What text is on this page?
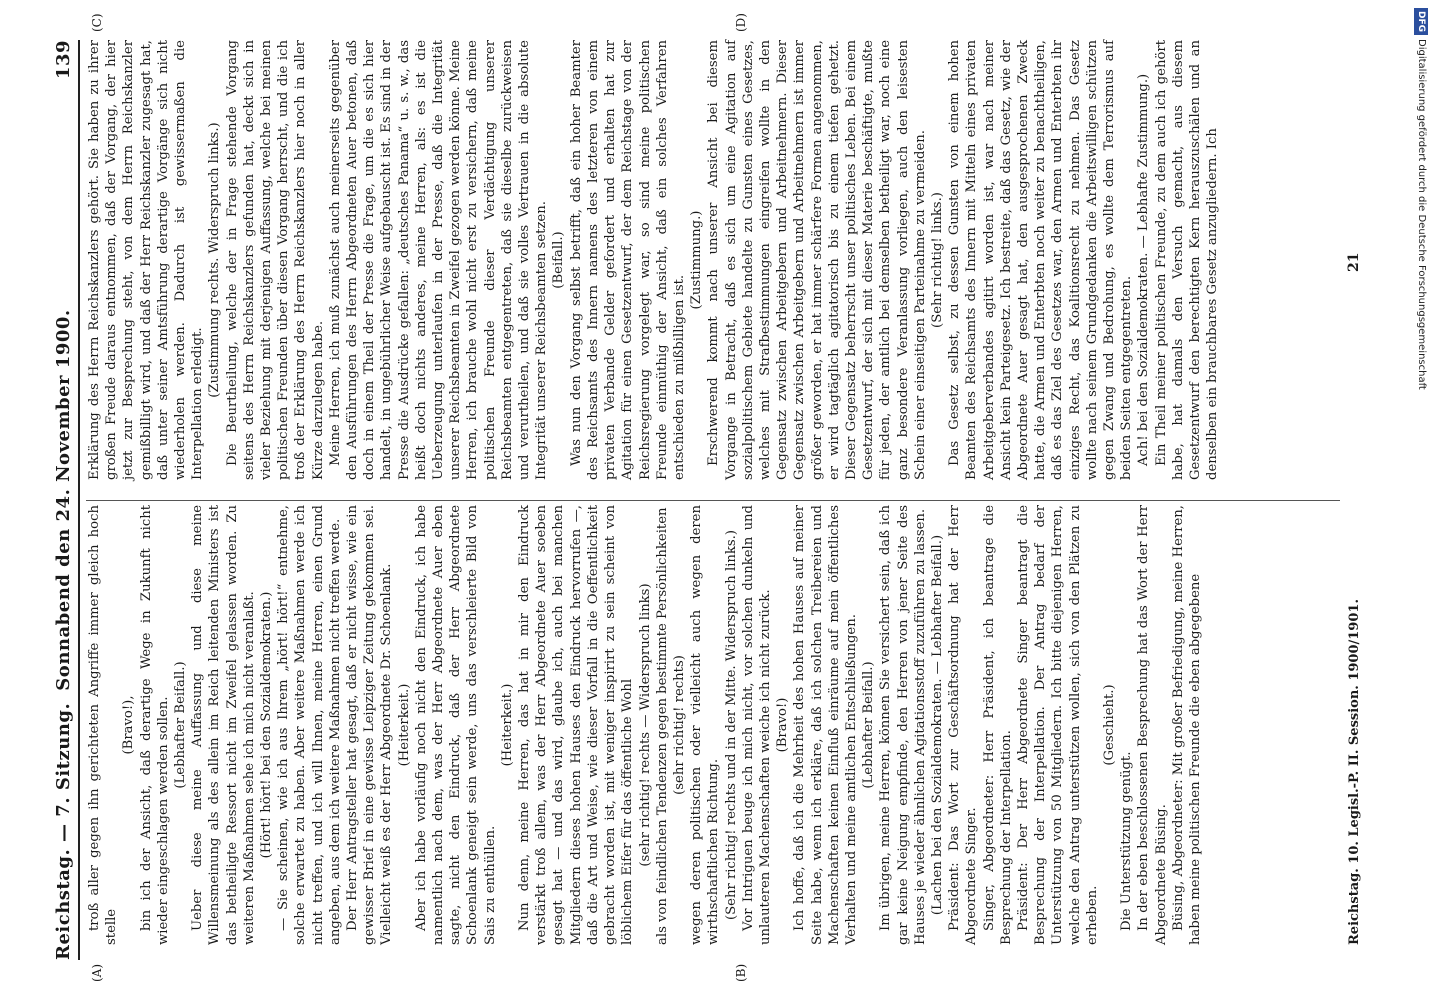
Reichstag. — 7. Sitzung.
Sonnabend den 24. November 1900.
139
(A)	(B)
(C)	(D)

troß aller gegen ihn gerichteten Angriffe immer gleich hoch stelle

(Bravo!), bin ich der Ansicht, daß derartige Wege in Zukunft nicht wieder eingeschlagen werden sollen. (Lebhafter Beifall.) Ueber diese meine Auffassung und diese meine Willensmeinung als des allein im Reich leitenden Ministers ist das betheiligte Ressort nicht im Zweifel gelassen worden. Zu weiteren Maßnahmen sehe ich mich nicht veranlaßt. (Hört! hört! bei den Sozialdemokraten.) — Sie scheinen, wie ich aus Ihrem „hört! hört!“ entnehme, solche erwartet zu haben. Aber weitere Maßnahmen werde ich nicht treffen, und ich will Ihnen, meine Herren, einen Grund angeben, aus dem ich weitere Maßnahmen nicht treffen werde. Der Herr Antragsteller hat gesagt, daß er nicht wisse, wie ein gewisser Brief in eine gewisse Leipziger Zeitung gekommen sei. Vielleicht weiß es der Herr Abgeordnete Dr. Schoenlank. (Heiterkeit.) Aber ich habe vorläufig noch nicht den Eindruck, ich habe namentlich nach dem, was der Herr Abgeordnete Auer eben sagte, nicht den Eindruck, daß der Herr Abgeordnete Schoenlank geneigt sein werde, uns das verschleierte Bild von Sais zu enthüllen.

(Heiterkeit.) Nun denn, meine Herren, das hat in mir den Eindruck verstärkt troß allem, was der Herr Abgeordnete Auer soeben gesagt hat — und das wird, glaube ich, auch bei manchen Mitgliedern dieses hohen Hauses den Eindruck hervorrufen —, daß die Art und Weise, wie dieser Vorfall in die Oeffentlichkeit gebracht worden ist, mit weniger inspirirt zu sein scheint von löblichem Eifer für das öffentliche Wohl (sehr richtig! rechts — Widerspruch links) als von feindlichen Tendenzen gegen bestimmte Persönlichkeiten (sehr richtig! rechts) wegen deren politischen oder vielleicht auch wegen deren wirthschaftlichen Richtung. (Sehr richtig! rechts und in der Mitte. Widerspruch links.) Vor Intriguen beuge ich mich nicht, vor solchen dunkeln und unlauteren Machenschaften weiche ich nicht zurück. (Bravo!) Ich hoffe, daß ich die Mehrheit des hohen Hauses auf meiner Seite habe, wenn ich erkläre, daß ich solchen Treibereien und Machenschaften keinen Einfluß einräume auf mein öffentliches Verhalten und meine amtlichen Entschließungen. (Lebhafter Beifall.) Im übrigen, meine Herren, können Sie versichert sein, daß ich gar keine Neigung empfinde, den Herren von jener Seite des Hauses je wieder ähnlichen Agitationsstoff zuzuführen zu lassen. (Lachen bei den Sozialdemokraten. — Lebhafter Beifall.) Präsident: Das Wort zur Geschäftsordnung hat der Herr Abgeordnete Singer. Singer, Abgeordneter: Herr Präsident, ich beantrage die Besprechung der Interpellation. Präsident: Der Herr Abgeordnete Singer beantragt die Besprechung der Interpellation. Der Antrag bedarf der Unterstützung von 50 Mitgliedern. Ich bitte diejenigen Herren, welche den Antrag unterstützen wollen, sich von den Plätzen zu erheben.

(Geschieht.)

Die Unterstützung genügt. In der eben beschlossenen Besprechung hat das Wort der Herr Abgeordnete Büsing. Büsing, Abgeordneter: Mit großer Befriedigung, meine Herren, haben meine politischen Freunde die eben abgegebene

Erklärung des Herrn Reichskanzlers gehört. Sie haben zu ihrer großen Freude daraus entnommen, daß der Vorgang, der hier jetzt zur Besprechung steht, von dem Herrn Reichskanzler gemißbilligt wird, und daß der Herr Reichskanzler zugesagt hat, daß unter seiner Amtsführung derartige Vorgänge sich nicht wiederholen werden. Dadurch ist gewissermaßen die Interpellation erledigt.

(Zustimmung rechts. Widerspruch links.) Die Beurtheilung, welche der in Frage stehende Vorgang seitens des Herrn Reichskanzlers gefunden hat, deckt sich in vieler Beziehung mit derjenigen Auffassung, welche bei meinen politischen Freunden über diesen Vorgang herrscht, und die ich troß der Erklärung des Herrn Reichskanzlers hier noch in aller Kürze darzulegen habe. Meine Herren, ich muß zunächst auch meinerseits gegenüber den Ausführungen des Herrn Abgeordneten Auer betonen, daß doch in einem Theil der Presse die Frage, um die es sich hier handelt, in ungebührlicher Weise aufgebauscht ist. Es sind in der Presse die Ausdrücke gefallen: „deutsches Panama“ u. s. w., das heißt doch nichts anderes, meine Herren, als: es ist die Ueberzeugung unterlaufen in der Presse, daß die Integrität unserer Reichsbeamten in Zweifel gezogen werden könne. Meine Herren, ich brauche wohl nicht erst zu versichern, daß meine politischen Freunde dieser Verdächtigung unserer Reichsbeamten entgegentreten, daß sie dieselbe zurückweisen und verurtheilen, und daß sie volles Vertrauen in die absolute Integrität unserer Reichsbeamten setzen. (Beifall.) Was nun den Vorgang selbst betrifft, daß ein hoher Beamter des Reichsamts des Innern namens des letzteren von einem privaten Verbande Gelder gefordert und erhalten hat zur Agitation für einen Gesetzentwurf, der dem Reichstage von der Reichsregierung vorgelegt war, so sind meine politischen Freunde einmüthig der Ansicht, daß ein solches Verfahren entschieden zu mißbilligen ist.

(Zustimmung.) Erschwerend kommt nach unserer Ansicht bei diesem Vorgange in Betracht, daß es sich um eine Agitation auf sozialpolitischem Gebiete handelte zu Gunsten eines Gesetzes, welches mit Strafbestimmungen eingreifen wollte in den Gegensatz zwischen Arbeitgebern und Arbeitnehmern. Dieser Gegensatz zwischen Arbeitgebern und Arbeitnehmern ist immer größer geworden, er hat immer schärfere Formen angenommen, er wird tagtäglich agitatorisch bis zu einem tiefen gehetzt. Dieser Gegensatz beherrscht unser politisches Leben. Bei einem Gesetzentwurf, der sich mit dieser Materie beschäftigte, mußte für jeden, der amtlich bei demselben betheiligt war, noch eine ganz besondere Veranlassung vorliegen, auch den leisesten Schein einer einseitigen Parteinahme zu vermeiden. (Sehr richtig! links.) Das Gesetz selbst, zu dessen Gunsten von einem hohen Beamten des Reichsamts des Innern mit Mitteln eines privaten Arbeitgeberverbandes agitirt worden ist, war nach meiner Ansicht kein Parteigesetz. Ich bestreite, daß das Gesetz, wie der Abgeordnete Auer gesagt hat, den ausgesprochenen Zweck hatte, die Armen und Enterbten noch weiter zu benachtheiligen, daß es das Ziel des Gesetzes war, den Armen und Enterbten ihr einziges Recht, das Koalitionsrecht zu nehmen. Das Gesetz wollte nach seinem Grundgedanken die Arbeitswilligen schützen gegen Zwang und Bedrohung, es wollte dem Terrorismus auf beiden Seiten entgegentreten. Ach! bei den Sozialdemokraten. — Lebhafte Zustimmung.) Ein Theil meiner politischen Freunde, zu dem auch ich gehört habe, hat damals den Versuch gemacht, aus diesem Gesetzentwurf den berechtigten Kern herauszuschälen und an denselben ein brauchbares Gesetz anzugliedern. Ich

Reichstag. 10. Legisl.-P. II. Session. 1900/1901.
21
DFGDigitalisierung gefördert durch die Deutsche Forschungsgemeinschaft
